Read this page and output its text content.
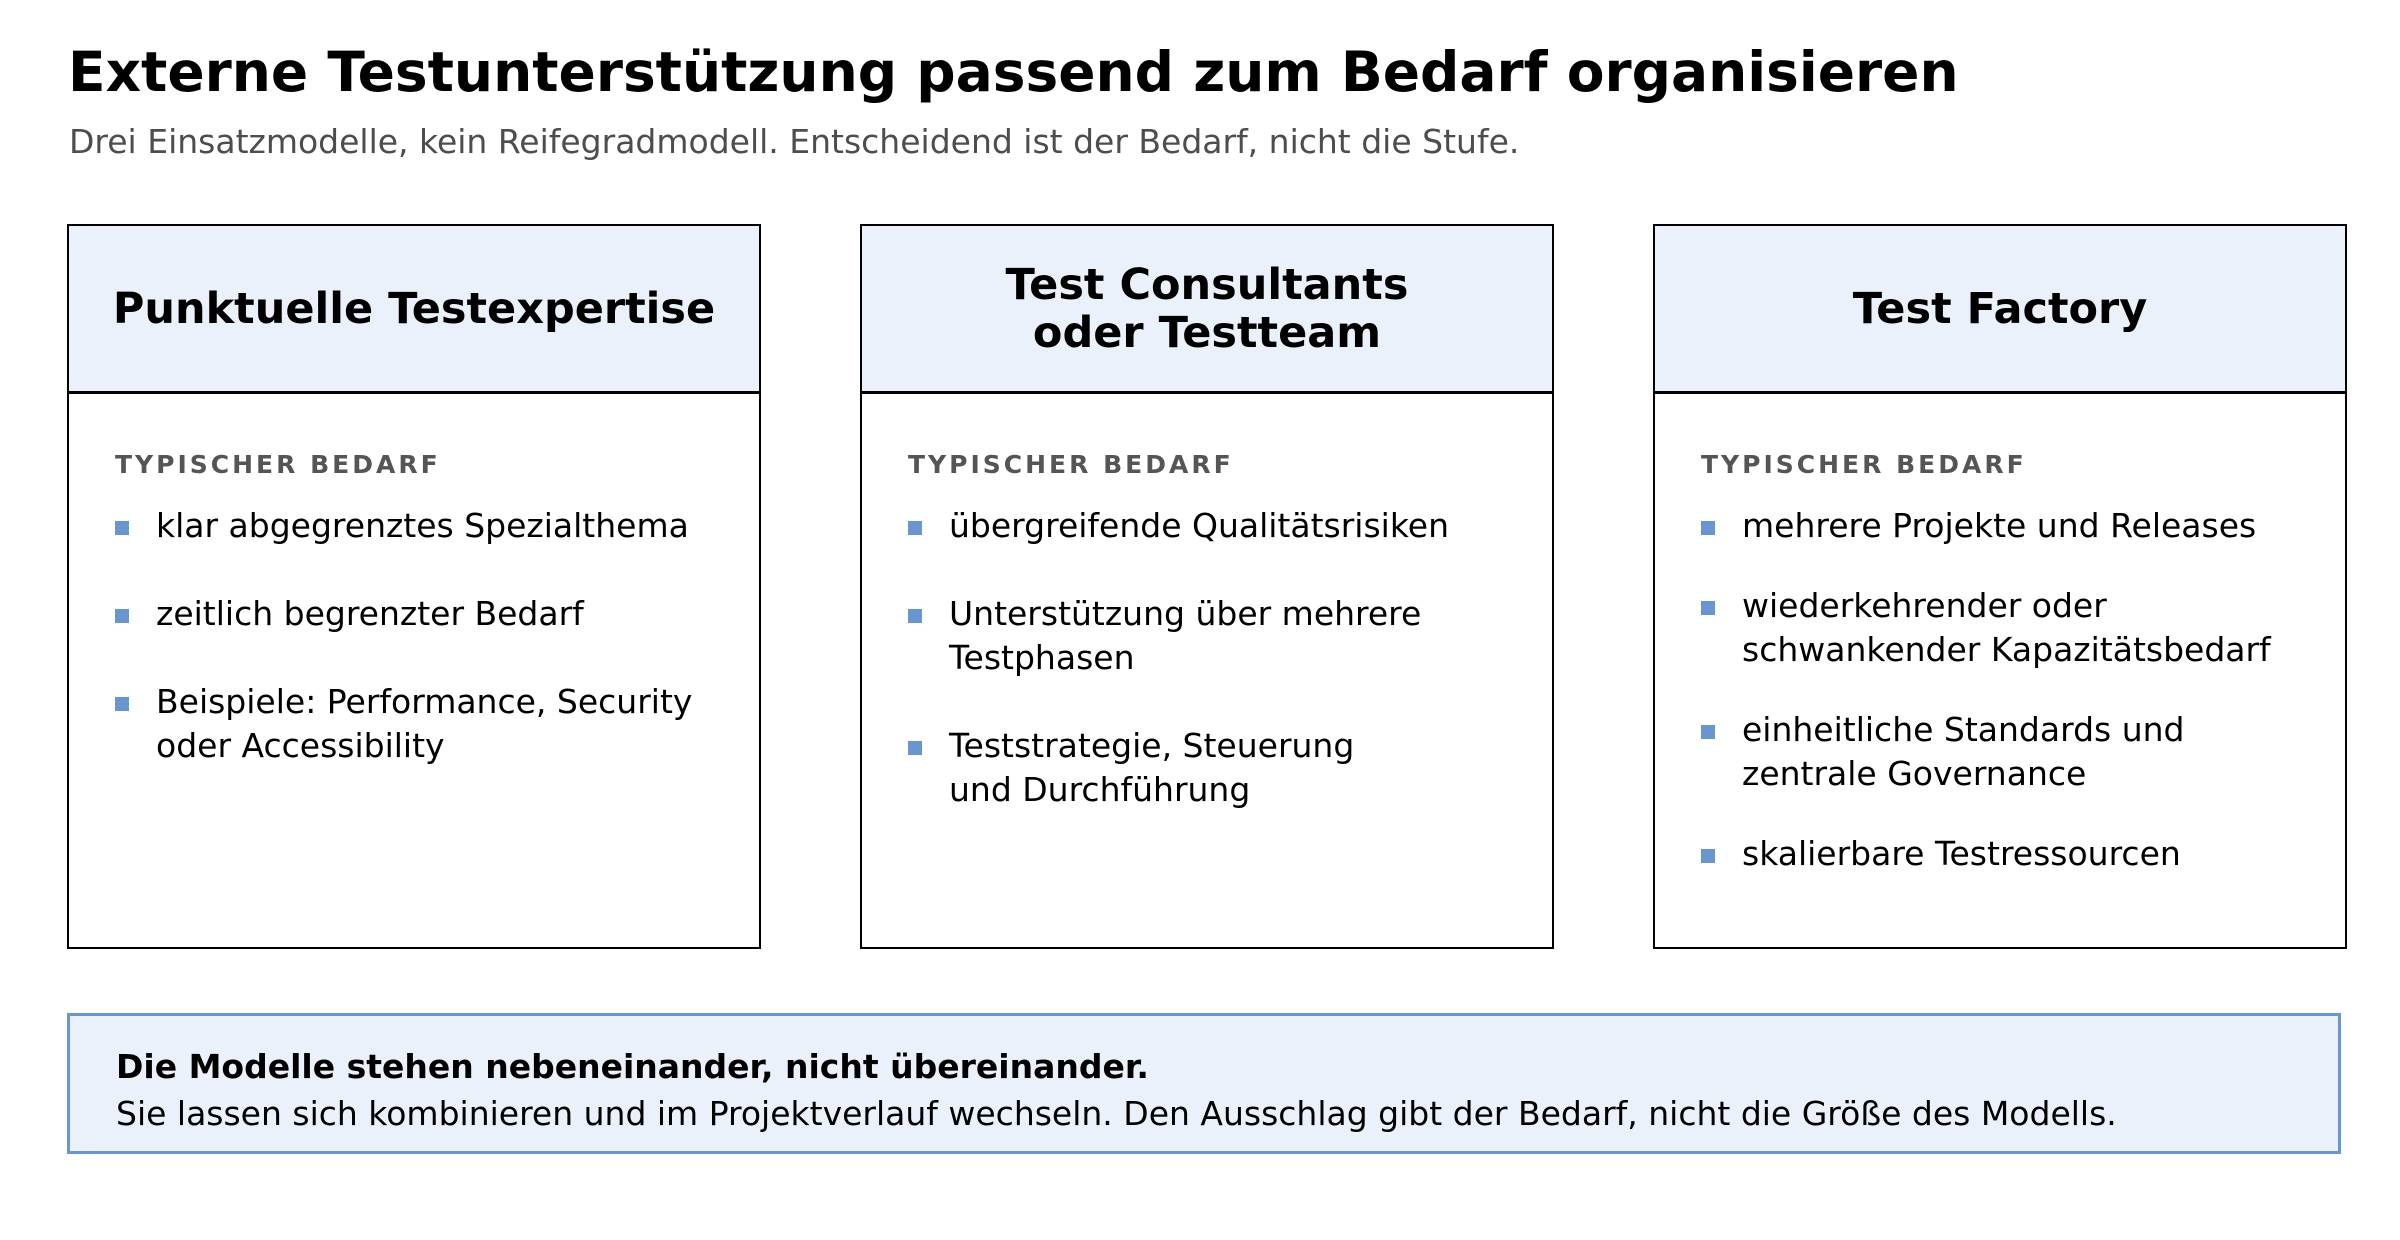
Externe Testunterstützung passend zum Bedarf organisieren

Drei Einsatzmodelle, kein Reifegradmodell. Entscheidend ist der Bedarf, nicht die Stufe.

Punktuelle Testexpertise
TYPISCHER BEDARF
klar abgegrenztes Spezialthema
zeitlich begrenzter Bedarf
Beispiele: Performance, Security
oder Accessibility
Test Consultants
oder Testteam
TYPISCHER BEDARF
übergreifende Qualitätsrisiken
Unterstützung über mehrere
Testphasen
Teststrategie, Steuerung
und Durchführung
Test Factory
TYPISCHER BEDARF
mehrere Projekte und Releases
wiederkehrender oder
schwankender Kapazitätsbedarf
einheitliche Standards und
zentrale Governance
skalierbare Testressourcen

Die Modelle stehen nebeneinander, nicht übereinander.

Sie lassen sich kombinieren und im Projektverlauf wechseln. Den Ausschlag gibt der Bedarf, nicht die Größe des Modells.
